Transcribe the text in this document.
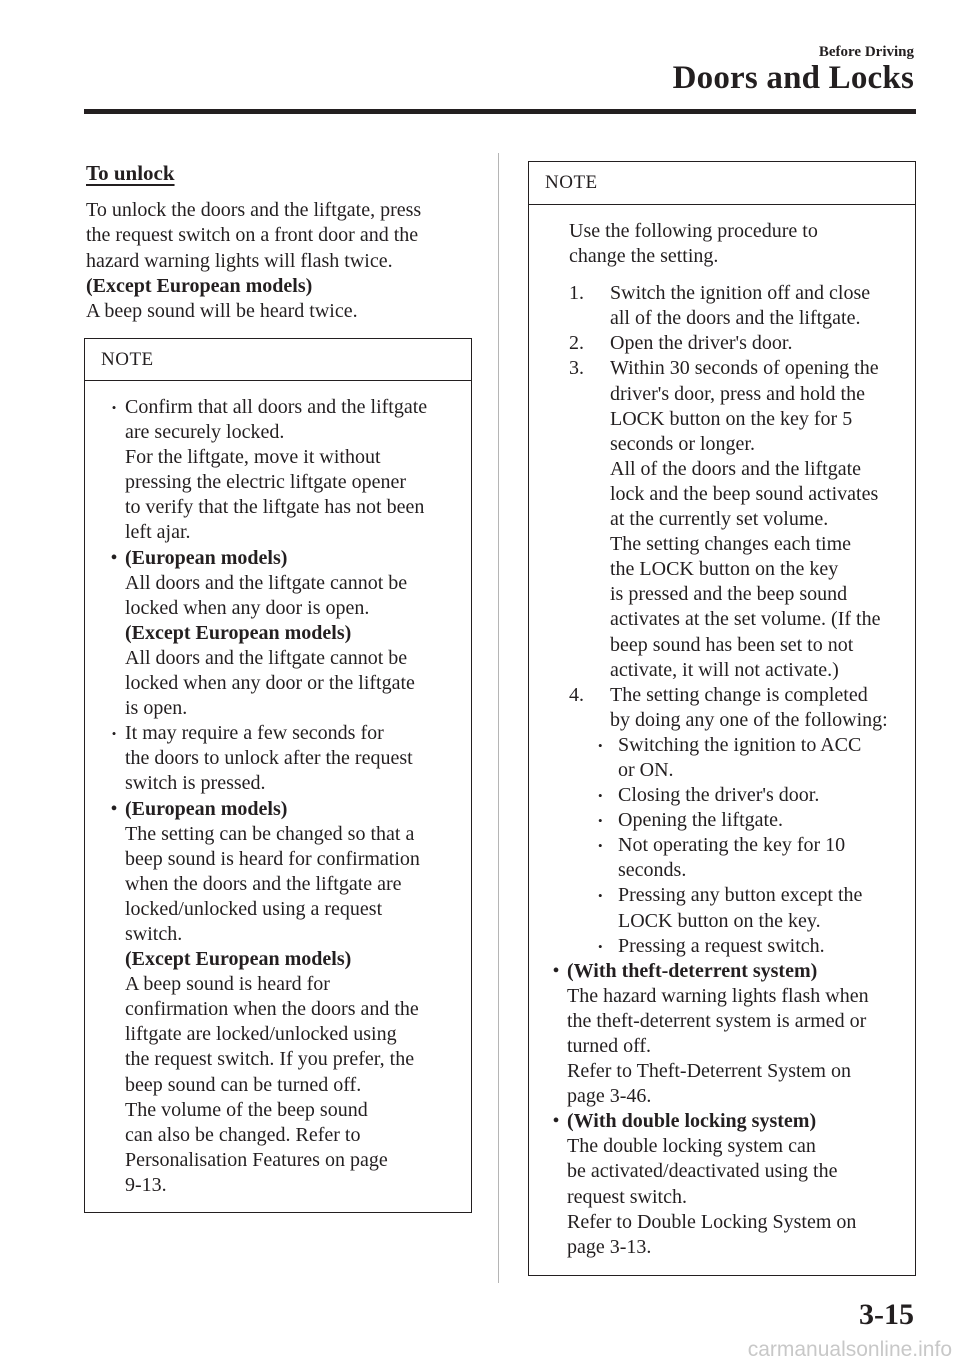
Before Driving
Doors and Locks
To unlock

To unlock the doors and the liftgate, press
the request switch on a front door and the
hazard warning lights will flash twice.
(Except European models)
A beep sound will be heard twice.

NOTE
• Confirm that all doors and the liftgate
are securely locked.
For the liftgate, move it without
pressing the electric liftgate opener
to verify that the liftgate has not been
left ajar.
• (European models)
All doors and the liftgate cannot be
locked when any door is open.
(Except European models)
All doors and the liftgate cannot be
locked when any door or the liftgate
is open.
• It may require a few seconds for
the doors to unlock after the request
switch is pressed.
• (European models)
The setting can be changed so that a
beep sound is heard for confirmation
when the doors and the liftgate are
locked/unlocked using a request
switch.
(Except European models)
A beep sound is heard for
confirmation when the doors and the
liftgate are locked/unlocked using
the request switch. If you prefer, the
beep sound can be turned off.
The volume of the beep sound
can also be changed. Refer to
Personalisation Features on page
9-13.
NOTE
Use the following procedure to
change the setting.
1. Switch the ignition off and close
all of the doors and the liftgate.
2. Open the driver's door.
3. Within 30 seconds of opening the
driver's door, press and hold the
LOCK button on the key for 5
seconds or longer.
All of the doors and the liftgate
lock and the beep sound activates
at the currently set volume.
The setting changes each time
the LOCK button on the key
is pressed and the beep sound
activates at the set volume. (If the
beep sound has been set to not
activate, it will not activate.)
4. The setting change is completed
by doing any one of the following:
• Switching the ignition to ACC
or ON.
• Closing the driver's door.
• Opening the liftgate.
• Not operating the key for 10
seconds.
• Pressing any button except the
LOCK button on the key.
• Pressing a request switch.
• (With theft-deterrent system)
The hazard warning lights flash when
the theft-deterrent system is armed or
turned off.
Refer to Theft-Deterrent System on
page 3-46.
• (With double locking system)
The double locking system can
be activated/deactivated using the
request switch.
Refer to Double Locking System on
page 3-13.
3-15
carmanualsonline.info
